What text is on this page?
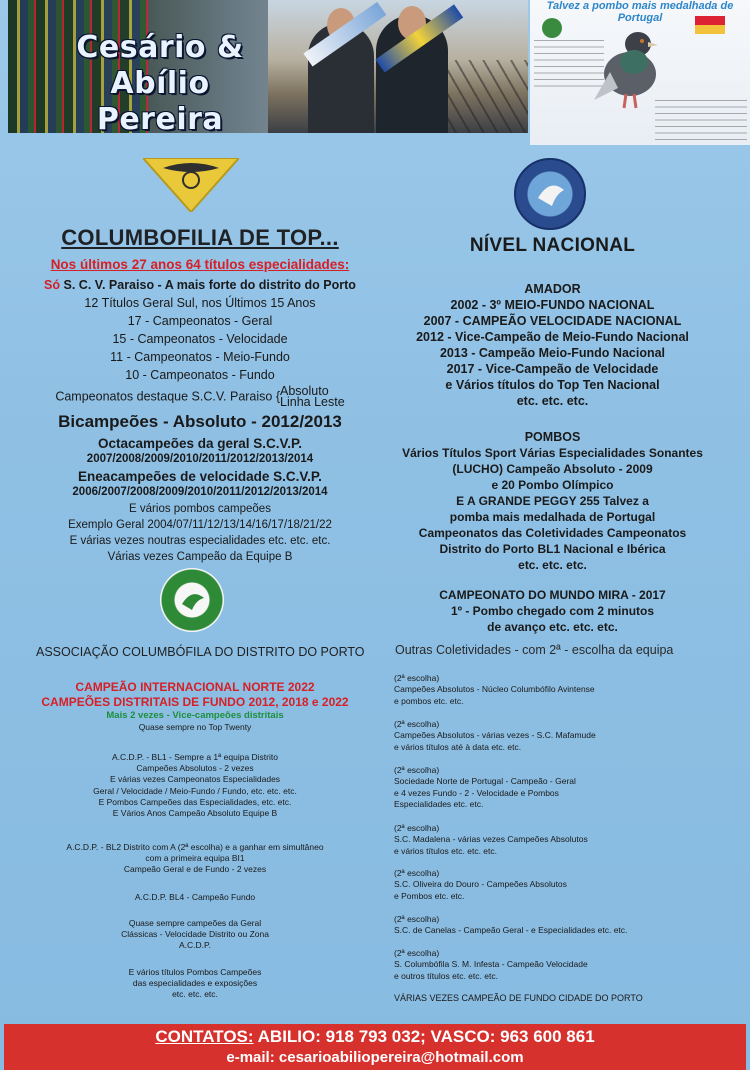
Cesário & Abílio
Pereira
Talvez a pombo mais medalhada de Portugal
COLUMBOFILIA DE TOP...
Nos últimos 27 anos 64 títulos especialidades:
Só S. C. V. Paraiso - A mais forte do distrito do Porto
12 Títulos Geral Sul, nos Últimos 15 Anos
17 - Campeonatos - Geral
15 - Campeonatos - Velocidade
11 - Campeonatos - Meio-Fundo
10 - Campeonatos - Fundo
Campeonatos destaque S.C.V. Paraiso {Absoluto
Linha Leste
Bicampeões - Absoluto - 2012/2013
Octacampeões da geral S.C.V.P.
2007/2008/2009/2010/2011/2012/2013/2014
Eneacampeões de velocidade S.C.V.P.
2006/2007/2008/2009/2010/2011/2012/2013/2014
E vários pombos campeões
Exemplo Geral 2004/07/11/12/13/14/16/17/18/21/22
E várias vezes noutras especialidades etc. etc. etc.
Várias vezes Campeão da Equipe B
ASSOCIAÇÃO COLUMBÓFILA DO DISTRITO DO PORTO
CAMPEÃO INTERNACIONAL NORTE 2022
CAMPEÕES DISTRITAIS DE FUNDO 2012, 2018 e 2022
Mais 2 vezes - Vice-campeões distritais
Quase sempre no Top Twenty
A.C.D.P. - BL1 - Sempre a 1ª equipa Distrito
Campeões Absolutos - 2 vezes
E várias vezes Campeonatos Especialidades
Geral / Velocidade / Meio-Fundo / Fundo, etc. etc. etc.
E Pombos Campeões das Especialidades, etc. etc.
E Vários Anos Campeão Absoluto Equipe B
A.C.D.P. - BL2 Distrito com A (2ª escolha) e a ganhar em simultâneo
com a primeira equipa BI1
Campeão Geral e de Fundo - 2 vezes
A.C.D.P. BL4 - Campeão Fundo
Quase sempre campeões da Geral
Clássicas - Velocidade Distrito ou Zona
A.C.D.P.
E vários títulos Pombos Campeões
das especialidades e exposições
etc. etc. etc.
NÍVEL NACIONAL
AMADOR
2002 - 3º MEIO-FUNDO NACIONAL
2007 - CAMPEÃO VELOCIDADE NACIONAL
2012 - Vice-Campeão de Meio-Fundo Nacional
2013 - Campeão Meio-Fundo Nacional
2017 - Vice-Campeão de Velocidade
e Vários títulos do Top Ten Nacional
etc. etc. etc.
POMBOS
Vários Títulos Sport Várias Especialidades Sonantes
(LUCHO) Campeão Absoluto - 2009
e 20 Pombo Olímpico
E A GRANDE PEGGY 255 Talvez a
pomba mais medalhada de Portugal
Campeonatos das Coletividades Campeonatos
Distrito do Porto BL1 Nacional e Ibérica
etc. etc. etc.
CAMPEONATO DO MUNDO MIRA - 2017
1º - Pombo chegado com 2 minutos
de avanço etc. etc. etc.
Outras Coletividades - com 2ª - escolha da equipa
(2ª escolha)
Campeões Absolutos - Núcleo Columbófilo Avintense
e pombos etc. etc.
(2ª escolha)
Campeões Absolutos - várias vezes - S.C. Mafamude
e vários títulos até à data etc. etc.
(2ª escolha)
Sociedade Norte de Portugal - Campeão - Geral
e 4 vezes Fundo - 2 - Velocidade e Pombos
Especialidades etc. etc.
(2ª escolha)
S.C. Madalena - várias vezes Campeões Absolutos
e vários títulos etc. etc. etc.
(2ª escolha)
S.C. Oliveira do Douro - Campeões Absolutos
e Pombos etc. etc.
(2ª escolha)
S.C. de Canelas - Campeão Geral - e Especialidades etc. etc.
(2ª escolha)
S. Columbófila S. M. Infesta - Campeão Velocidade
e outros títulos etc. etc. etc.
VÁRIAS VEZES CAMPEÃO DE FUNDO CIDADE DO PORTO
CONTATOS: ABILIO: 918 793 032; VASCO: 963 600 861
e-mail: cesarioabiliopereira@hotmail.com
